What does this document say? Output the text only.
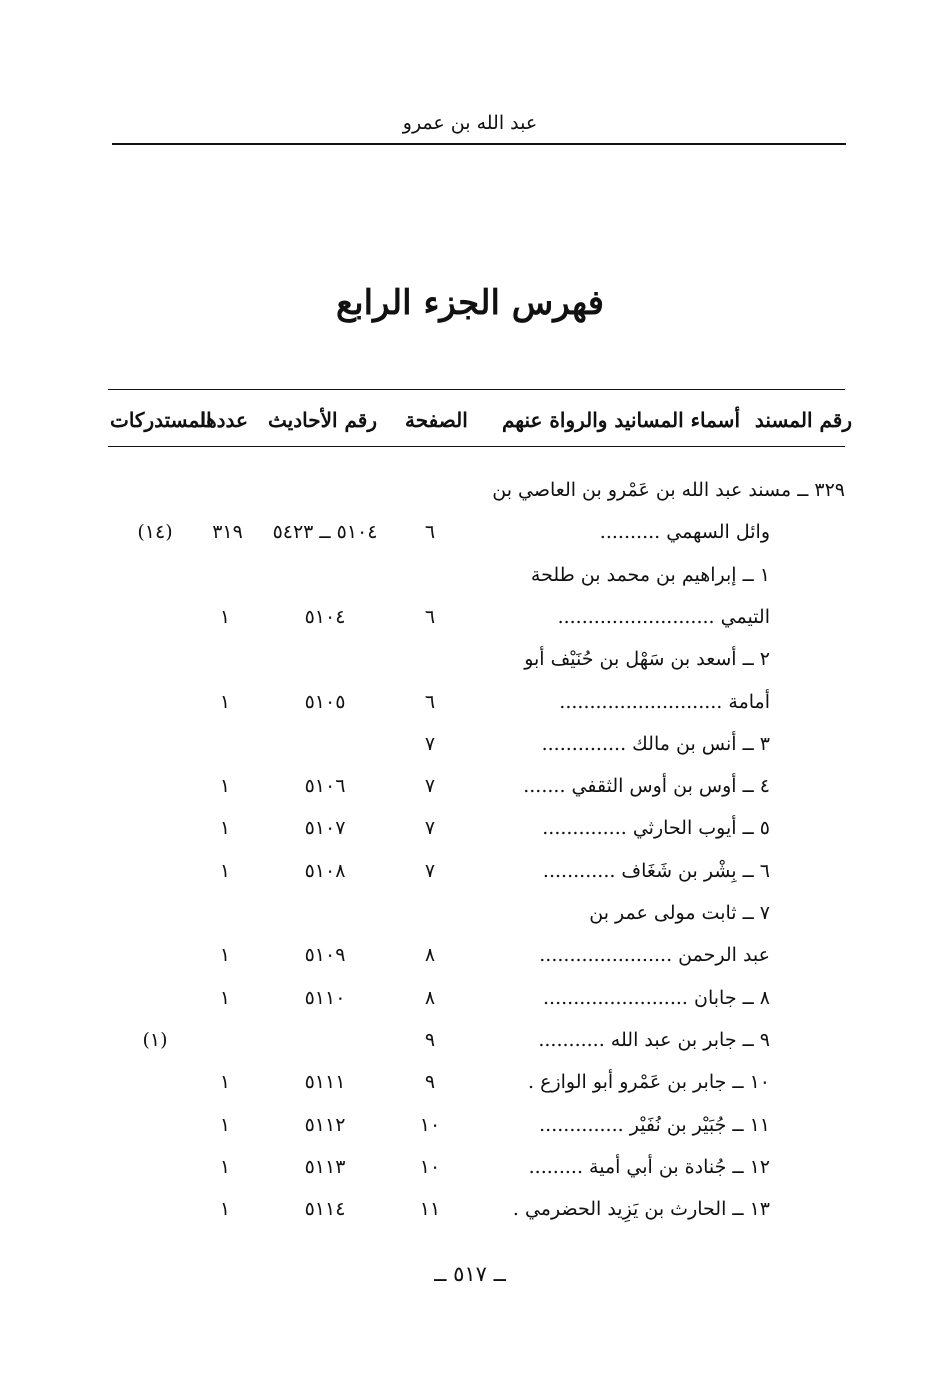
عبد الله بن عمرو
فهرس الجزء الرابع
رقم المسند
أسماء المسانيد والرواة عنهم
الصفحة
رقم الأحاديث
عددها
المستدركات
٣٢٩ ــ مسند عبد الله بن عَمْرو بن العاصي بن
وائل السهمي ..........
٦
٥١٠٤ ــ ٥٤٢٣
٣١٩
(١٤)
١ ــ إبراهيم بن محمد بن طلحة
التيمي ..........................
٦
٥١٠٤
١
٢ ــ أسعد بن سَهْل بن حُنَيْف أبو
أمامة ...........................
٦
٥١٠٥
١
٣ ــ أنس بن مالك ..............
٧
٤ ــ أوس بن أوس الثقفي .......
٧
٥١٠٦
١
٥ ــ أيوب الحارثي ..............
٧
٥١٠٧
١
٦ ــ بِشْر بن شَغَاف ............
٧
٥١٠٨
١
٧ ــ ثابت مولى عمر بن
عبد الرحمن ......................
٨
٥١٠٩
١
٨ ــ جابان ........................
٨
٥١١٠
١
٩ ــ جابر بن عبد الله ...........
٩
(١)
١٠ ــ جابر بن عَمْرو أبو الوازع .
٩
٥١١١
١
١١ ــ جُبَيْر بن نُفَيْر ..............
١٠
٥١١٢
١
١٢ ــ جُنادة بن أبي أمية .........
١٠
٥١١٣
١
١٣ ــ الحارث بن يَزِيد الحضرمي .
١١
٥١١٤
١
ــ ٥١٧ ــ
